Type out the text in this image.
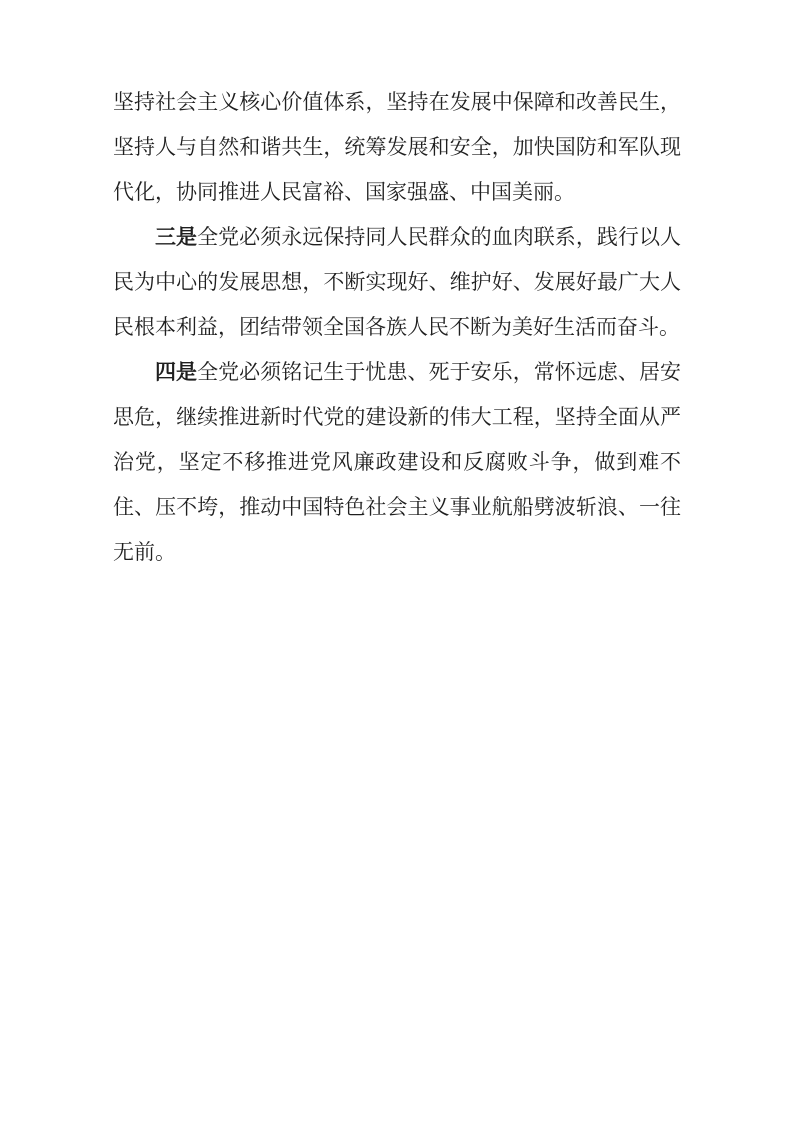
坚持社会主义核心价值体系，坚持在发展中保障和改善民生，坚持人与自然和谐共生，统筹发展和安全，加快国防和军队现代化，协同推进人民富裕、国家强盛、中国美丽。

三是全党必须永远保持同人民群众的血肉联系，践行以人民为中心的发展思想，不断实现好、维护好、发展好最广大人民根本利益，团结带领全国各族人民不断为美好生活而奋斗。

四是全党必须铭记生于忧患、死于安乐，常怀远虑、居安思危，继续推进新时代党的建设新的伟大工程，坚持全面从严治党，坚定不移推进党风廉政建设和反腐败斗争，做到难不住、压不垮，推动中国特色社会主义事业航船劈波斩浪、一往无前。
